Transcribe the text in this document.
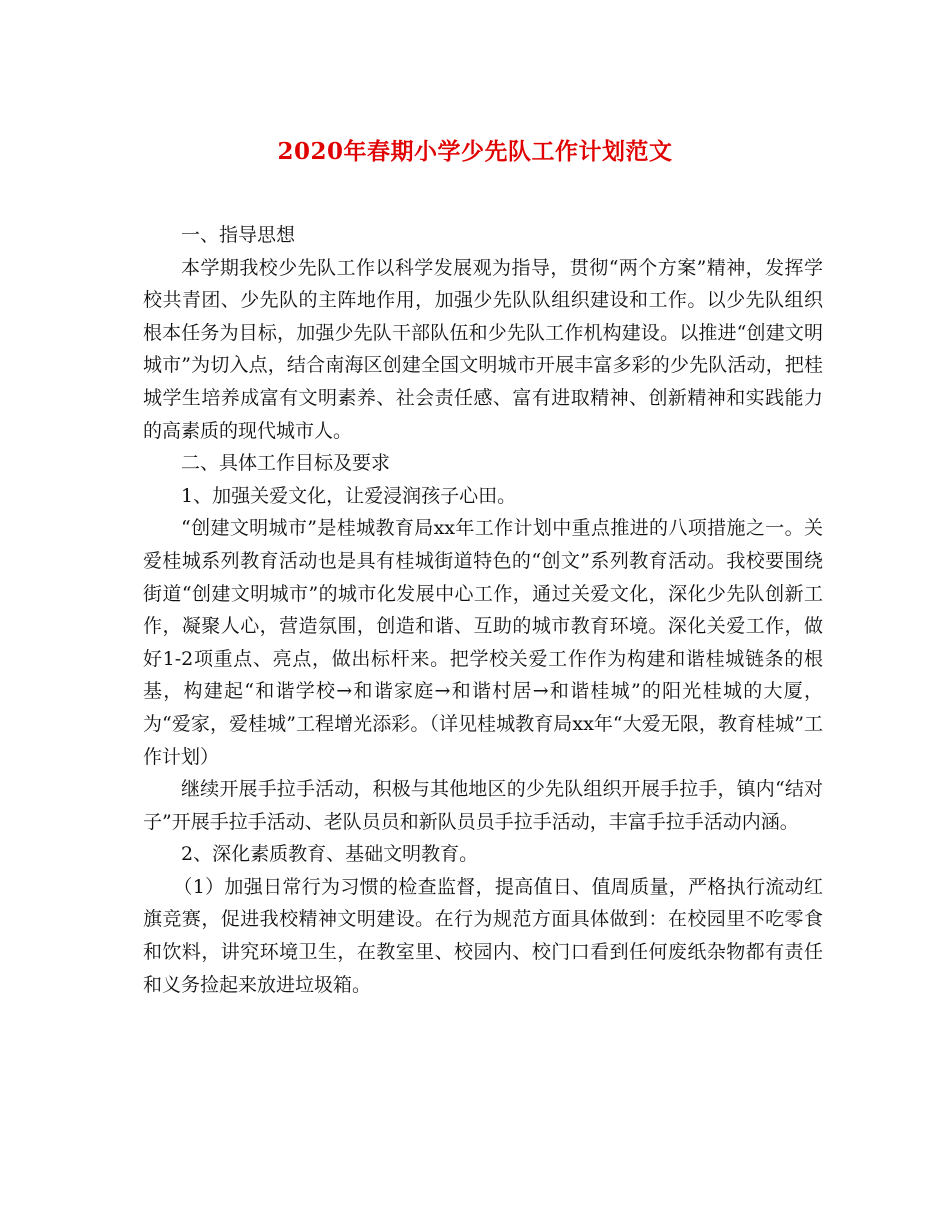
2020年春期小学少先队工作计划范文

一、指导思想

本学期我校少先队工作以科学发展观为指导，贯彻“两个方案”精神，发挥学校共青团、少先队的主阵地作用，加强少先队队组织建设和工作。以少先队组织根本任务为目标，加强少先队干部队伍和少先队工作机构建设。以推进“创建文明城市”为切入点，结合南海区创建全国文明城市开展丰富多彩的少先队活动，把桂城学生培养成富有文明素养、社会责任感、富有进取精神、创新精神和实践能力的高素质的现代城市人。

二、具体工作目标及要求

1、加强关爱文化，让爱浸润孩子心田。

“创建文明城市”是桂城教育局xx年工作计划中重点推进的八项措施之一。关爱桂城系列教育活动也是具有桂城街道特色的“创文”系列教育活动。我校要围绕街道“创建文明城市”的城市化发展中心工作，通过关爱文化，深化少先队创新工作，凝聚人心，营造氛围，创造和谐、互助的城市教育环境。深化关爱工作，做好1-2项重点、亮点，做出标杆来。把学校关爱工作作为构建和谐桂城链条的根基，构建起“和谐学校→和谐家庭→和谐村居→和谐桂城”的阳光桂城的大厦，为“爱家，爱桂城”工程增光添彩。（详见桂城教育局xx年“大爱无限，教育桂城”工作计划）

继续开展手拉手活动，积极与其他地区的少先队组织开展手拉手，镇内“结对子”开展手拉手活动、老队员员和新队员员手拉手活动，丰富手拉手活动内涵。

2、深化素质教育、基础文明教育。

（1）加强日常行为习惯的检查监督，提高值日、值周质量，严格执行流动红旗竞赛，促进我校精神文明建设。在行为规范方面具体做到：在校园里不吃零食和饮料，讲究环境卫生，在教室里、校园内、校门口看到任何废纸杂物都有责任和义务捡起来放进垃圾箱。
